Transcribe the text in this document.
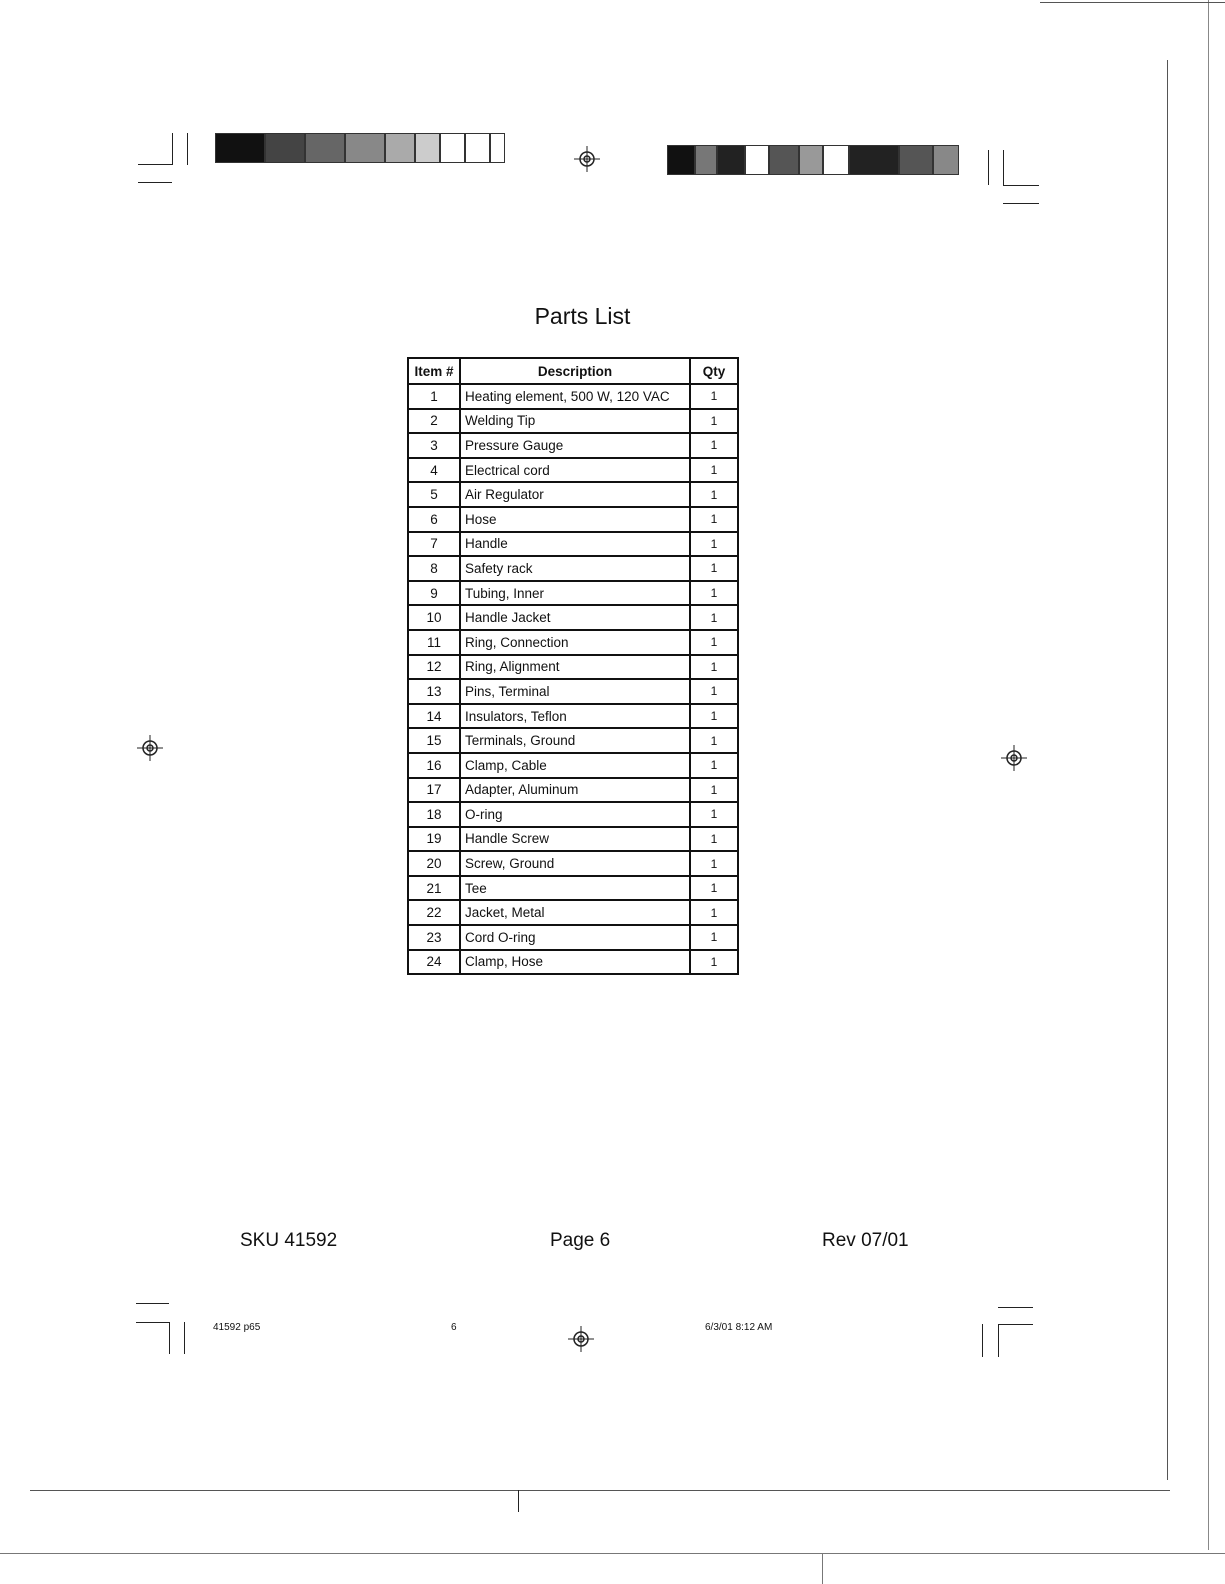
Parts List
Item #	Description	Qty
1	Heating element, 500 W, 120 VAC	1
2	Welding Tip	1
3	Pressure Gauge	1
4	Electrical cord	1
5	Air Regulator	1
6	Hose	1
7	Handle	1
8	Safety rack	1
9	Tubing, Inner	1
10	Handle Jacket	1
11	Ring, Connection	1
12	Ring, Alignment	1
13	Pins, Terminal	1
14	Insulators, Teflon	1
15	Terminals, Ground	1
16	Clamp, Cable	1
17	Adapter, Aluminum	1
18	O-ring	1
19	Handle Screw	1
20	Screw, Ground	1
21	Tee	1
22	Jacket, Metal	1
23	Cord O-ring	1
24	Clamp, Hose	1
SKU 41592	Page 6	Rev 07/01
41592 p65	6	6/3/01 8:12 AM
